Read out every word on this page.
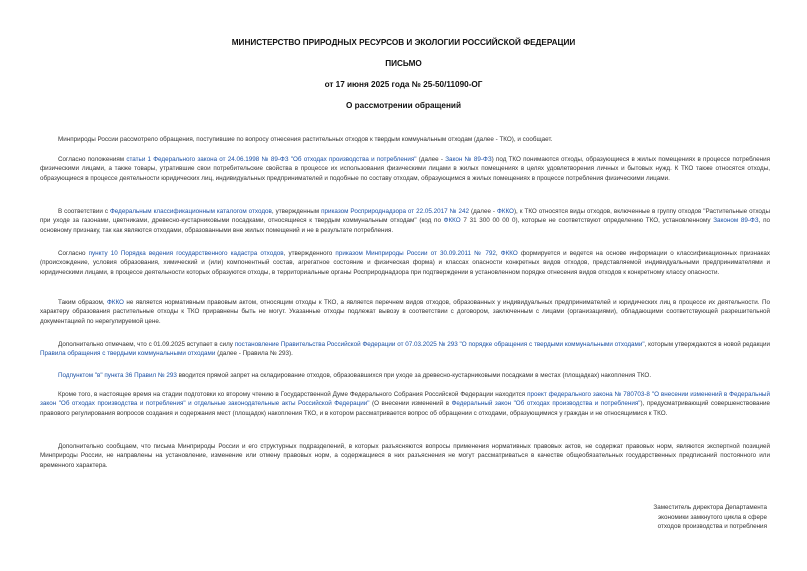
МИНИСТЕРСТВО ПРИРОДНЫХ РЕСУРСОВ И ЭКОЛОГИИ РОССИЙСКОЙ ФЕДЕРАЦИИ
ПИСЬМО
от 17 июня 2025 года № 25-50/11090-ОГ
О рассмотрении обращений
Минприроды России рассмотрело обращения, поступившие по вопросу отнесения растительных отходов к твердым коммунальным отходам (далее - ТКО), и сообщает.
Согласно положениям статьи 1 Федерального закона от 24.06.1998 № 89-ФЗ "Об отходах производства и потребления" (далее - Закон № 89-ФЗ) под ТКО понимаются отходы, образующиеся в жилых помещениях в процессе потребления физическими лицами, а также товары, утратившие свои потребительские свойства в процессе их использования физическими лицами в жилых помещениях в целях удовлетворения личных и бытовых нужд. К ТКО также относятся отходы, образующиеся в процессе деятельности юридических лиц, индивидуальных предпринимателей и подобные по составу отходам, образующимся в жилых помещениях в процессе потребления физическими лицами.
В соответствии с Федеральным классификационным каталогом отходов, утвержденным приказом Росприроднадзора от 22.05.2017 № 242 (далее - ФККО), к ТКО относятся виды отходов, включенные в группу отходов "Растительные отходы при уходе за газонами, цветниками, древесно-кустарниковыми посадками, относящиеся к твердым коммунальным отходам" (код по ФККО 7 31 300 00 00 0), которые не соответствуют определению ТКО, установленному Законом 89-ФЗ, по основному признаку, так как являются отходами, образованными вне жилых помещений и не в результате потребления.
Согласно пункту 10 Порядка ведения государственного кадастра отходов, утвержденного приказом Минприроды России от 30.09.2011 № 792, ФККО формируется и ведется на основе информации о классификационных признаках (происхождение, условия образования, химический и (или) компонентный состав, агрегатное состояние и физическая форма) и классах опасности конкретных видов отходов, представляемой индивидуальными предпринимателями и юридическими лицами, в процессе деятельности которых образуются отходы, в территориальные органы Росприроднадзора при подтверждении в установленном порядке отнесения видов отходов к конкретному классу опасности.
Таким образом, ФККО не является нормативным правовым актом, относящим отходы к ТКО, а является перечнем видов отходов, образованных у индивидуальных предпринимателей и юридических лиц в процессе их деятельности. По характеру образования растительные отходы к ТКО приравнены быть не могут. Указанные отходы подлежат вывозу в соответствии с договором, заключенным с лицами (организациями), обладающими соответствующей разрешительной документацией по нерегулируемой цене.
Дополнительно отмечаем, что с 01.09.2025 вступает в силу постановление Правительства Российской Федерации от 07.03.2025 № 293 "О порядке обращения с твердыми коммунальными отходами", которым утверждаются в новой редакции Правила обращения с твердыми коммунальными отходами (далее - Правила № 293).
Подпунктом "в" пункта 36 Правил № 293 вводится прямой запрет на складирование отходов, образовавшихся при уходе за древесно-кустарниковыми посадками в местах (площадках) накопления ТКО.
Кроме того, в настоящее время на стадии подготовки ко второму чтению в Государственной Думе Федерального Собрания Российской Федерации находится проект федерального закона № 780703-8 "О внесении изменений в Федеральный закон "Об отходах производства и потребления" и отдельные законодательные акты Российской Федерации" (О внесении изменений в Федеральный закон "Об отходах производства и потребления"), предусматривающий совершенствование правового регулирования вопросов создания и содержания мест (площадок) накопления ТКО, и в котором рассматривается вопрос об обращении с отходами, образующимися у граждан и не относящимися к ТКО.
Дополнительно сообщаем, что письма Минприроды России и его структурных подразделений, в которых разъясняются вопросы применения нормативных правовых актов, не содержат правовых норм, являются экспертной позицией Минприроды России, не направлены на установление, изменение или отмену правовых норм, а содержащиеся в них разъяснения не могут рассматриваться в качестве общеобязательных государственных предписаний постоянного или временного характера.
Заместитель директора Департамента
экономики замкнутого цикла в сфере
отходов производства и потребления
